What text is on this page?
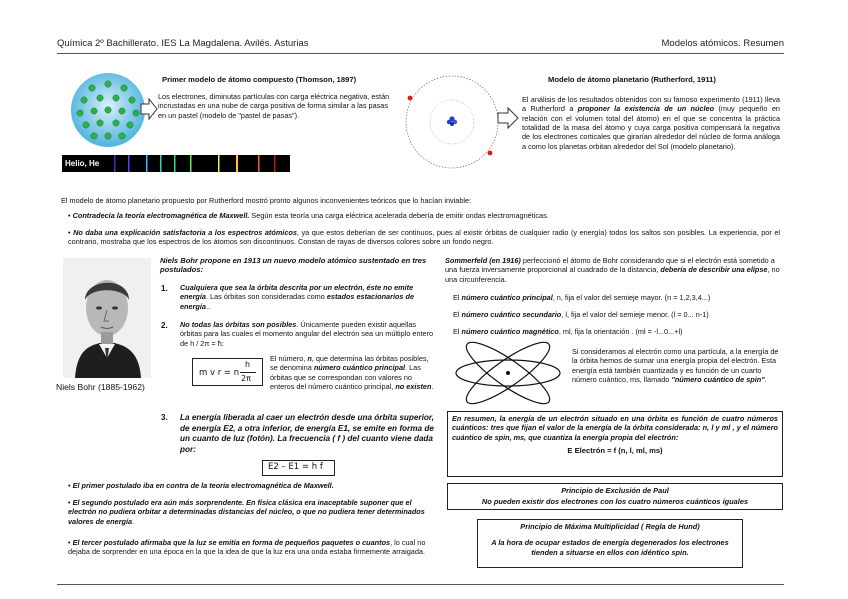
Química 2º Bachillerato. IES La Magdalena. Avilés. Asturias	Modelos atómicos. Resumen
Primer modelo de átomo compuesto (Thomson, 1897)
Los electrones, diminutas partículas con carga eléctrica negativa, están incrustadas en una nube de carga positiva de forma similar a las pasas en un pastel (modelo de "pastel de pasas").
Helio, He
Modelo de átomo planetario (Rutherford, 1911)
El análisis de los resultados obtenidos con su famoso experimento (1911) lleva a Rutherford a proponer la existencia de un núcleo (muy pequeño en relación con el volumen total del átomo) en el que se concentra la práctica totalidad de la masa del átomo y cuya carga positiva compensará la negativa de los electrones corticales que girarían alrededor del núcleo de forma análoga a como los planetas orbitan alrededor del Sol (modelo planetario).
El modelo de átomo planetario propuesto por Rutherford mostró pronto algunos inconvenientes teóricos que lo hacían inviable:
• Contradecía la teoría electromagnética de Maxwell. Según esta teoría una carga eléctrica acelerada debería de emitir ondas electromagnéticas.
• No daba una explicación satisfactoria a los espectros atómicos, ya que estos deberían de ser continuos, pues al existir órbitas de cualquier radio (y energía) todos los saltos son posibles. La experiencia, por el contrario, mostraba que los espectros de los átomos son discontinuos. Constan de rayas de diversos colores sobre un fondo negro.
Niels Bohr (1885-1962)
Niels Bohr propone en 1913 un nuevo modelo atómico sustentado en tres postulados:
1. Cualquiera que sea la órbita descrita por un electrón, éste no emite energía. Las órbitas son consideradas como estados estacionarios de energía..
2. No todas las órbitas son posibles. Únicamente pueden existir aquellas órbitas para las cuales el momento angular del electrón sea un múltiplo entero de h / 2π = ħ:
m v r = n
h
2π
El número, n, que determina las órbitas posibles, se denomina número cuántico principal. Las órbitas que se correspondan con valores no enteros del número cuántico principal, no existen.
3. La energía liberada al caer un electrón desde una órbita superior, de energía E2, a otra inferior, de energía E1, se emite en forma de un cuanto de luz (fotón). La frecuencia ( f ) del cuanto viene dada por:
E2 – E1 = h f
• El primer postulado iba en contra de la teoría electromagnética de Maxwell.
• El segundo postulado era aún más sorprendente. En física clásica era inaceptable suponer que el electrón no pudiera orbitar a determinadas distancias del núcleo, o que no pudiera tener determinados valores de energía.
• El tercer postulado afirmaba que la luz se emitía en forma de pequeños paquetes o cuantos, lo cual no dejaba de sorprender en una época en la que la idea de que la luz era una onda estaba firmemente arraigada.
Sommerfeld (en 1916) perfeccionó el átomo de Bohr considerando que si el electrón está sometido a una fuerza inversamente proporcional al cuadrado de la distancia, debería de describir una elipse, no una circunferencia.
El número cuántico principal, n, fija el valor del semieje mayor. (n = 1,2,3,4...)
El número cuántico secundario, l, fija el valor del semieje menor. (l = 0... n-1)
El número cuántico magnético, ml, fija la orientación . (ml = -l...0...+l)
Si consideramos al electrón como una partícula, a la energía de la órbita hemos de sumar una energía propia del electrón. Esta energía está también cuantizada y es función de un cuarto número cuántico, ms, llamado "número cuántico de spin".
En resumen, la energía de un electrón situado en una órbita es función de cuatro números cuánticos: tres que fijan el valor de la energía de la órbita considerada: n, l y ml , y el número cuántico de spin, ms, que cuantiza la energía propia del electrón:
E Electrón = f (n, l, ml, ms)
Principio de Exclusión de Paul
No pueden existir dos electrones con los cuatro números cuánticos iguales
Principio de Máxima Multiplicidad ( Regla de Hund)
A la hora de ocupar estados de energía degenerados los electrones tienden a situarse en ellos con idéntico spin.
